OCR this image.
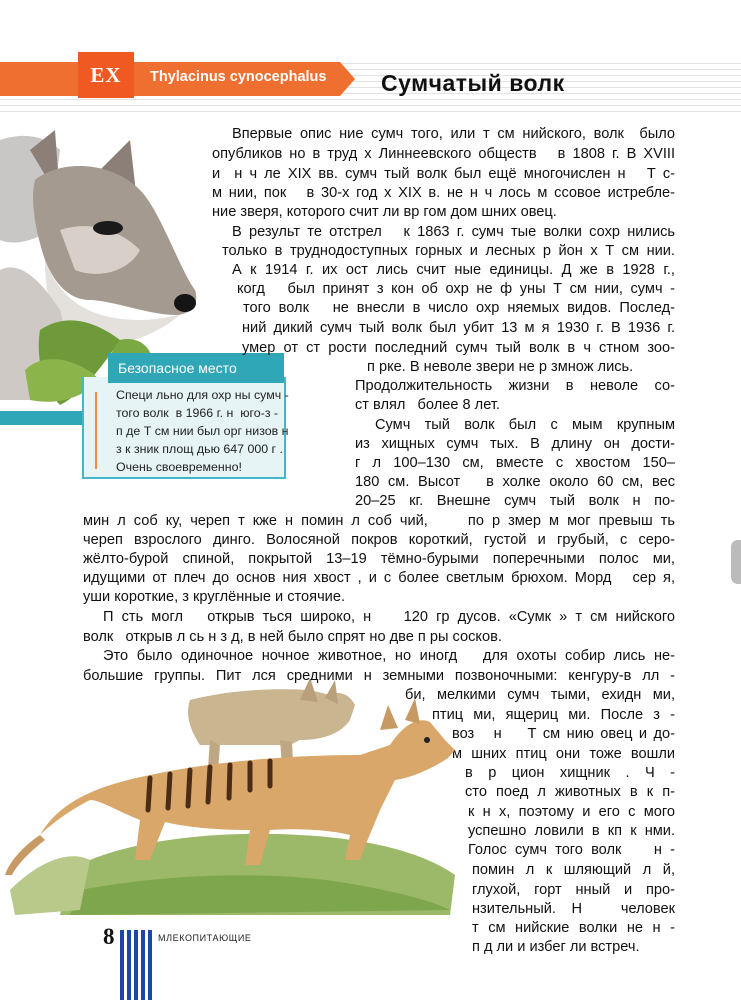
EX	Thylacinus cynocephalus Сумчатый волк
Безопасное место
Специ льно для охр ны сумч -
того волк  в 1966 г. н  юго-з -
п де Т см нии был орг низов н
з к зник площ дью 647 000 г .
Очень своевременно!
Впервые опис ние сумч того, или т см нийского, волк  было
опубликов но в труд х Линнеевского обществ   в 1808 г. В XVIII
и  н ч ле XIX вв. сумч тый волк был ещё многочислен н   Т с-
м нии, пок   в 30-х год х XIX в. не н ч лось м ссовое истребле-
ние зверя, которого счит ли вр гом дом шних овец.
В результ те отстрел   к 1863 г. сумч тые волки сохр нились
только в труднодоступных горных и лесных р йон х Т см нии.
А к 1914 г. их ост лись счит ные единицы. Д же в 1928 г.,
когд   был принят з кон об охр не ф уны Т см нии, сумч -
того волк   не внесли в число охр няемых видов. Послед-
ний дикий сумч тый волк был убит 13 м я 1930 г. В 1936 г.
умер от ст рости последний сумч тый волк в ч стном зоо-
п рке. В неволе звери не р змнож лись.
Продолжительность жизни в неволе со-
ст влял   более 8 лет.
Сумч тый волк был с мым крупным
из хищных сумч тых. В длину он дости-
г л 100–130 см, вместе с хвостом 150–
180 см. Высот   в холке около 60 см, вес
20–25 кг. Внешне сумч тый волк н по-
мин л соб ку, череп т кже н помин л соб чий,     по р змер м мог превыш ть
череп взрослого динго. Волосяной покров короткий, густой и грубый, с серо-
жёлто-бурой спиной, покрытой 13–19 тёмно-бурыми поперечными полос ми,
идущими от плеч до основ ния хвост , и с более светлым брюхом. Морд   сер я,
уши короткие, з круглённые и стоячие.
П сть могл   открыв ться широко, н    120 гр дусов. «Сумк » т см нийского
волк   открыв л сь н з д, в ней было спрят но две п ры сосков.
Это было одиночное ночное животное, но иногд   для охоты собир лись не-
большие группы. Пит лся средними н земными позвоночными: кенгуру-в лл -
би, мелкими сумч тыми, ехидн ми,
птиц ми, ящериц ми. После з -
воз   н    Т см нию овец и до-
м шних птиц они тоже вошли
в р цион хищник . Ч -
сто поед л животных в к п-
к н х, поэтому и его с мого
успешно ловили в кп к нми.
Голос сумч того волк    н -
помин л к шляющий л й,
глухой, горт нный и про-
нзительный.  Н     человек
т см нийские волки не н -
п д ли и избег ли встреч.
8	МЛЕКОПИТАЮЩИЕ
